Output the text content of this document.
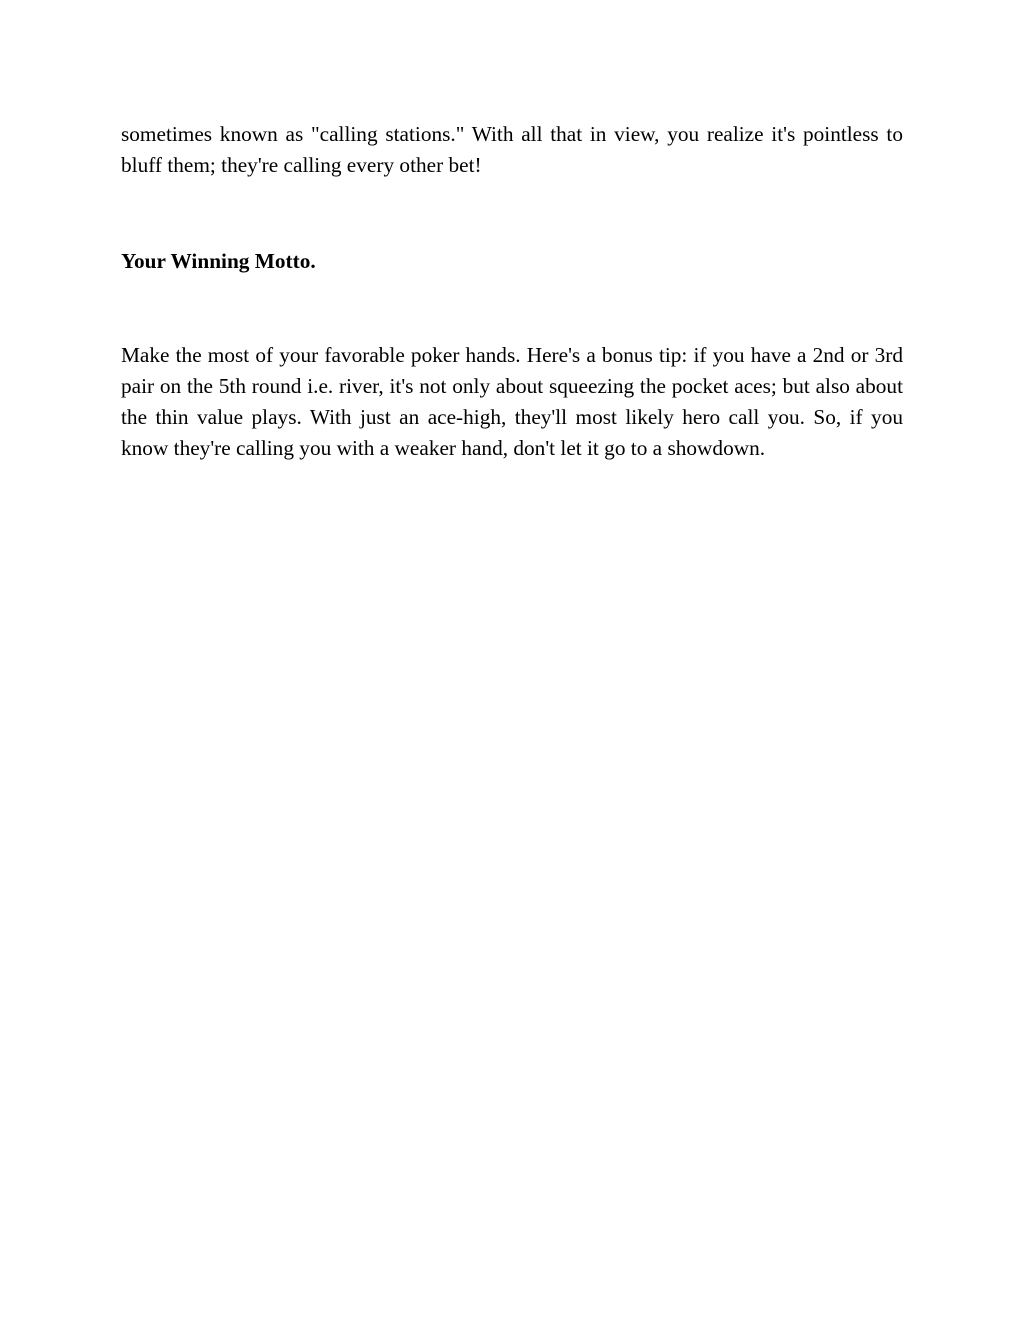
sometimes known as "calling stations." With all that in view, you realize it's pointless to bluff them; they're calling every other bet!

Your Winning Motto.

Make the most of your favorable poker hands. Here's a bonus tip: if you have a 2nd or 3rd pair on the 5th round i.e. river, it's not only about squeezing the pocket aces; but also about the thin value plays. With just an ace-high, they'll most likely hero call you. So, if you know they're calling you with a weaker hand, don't let it go to a showdown.
